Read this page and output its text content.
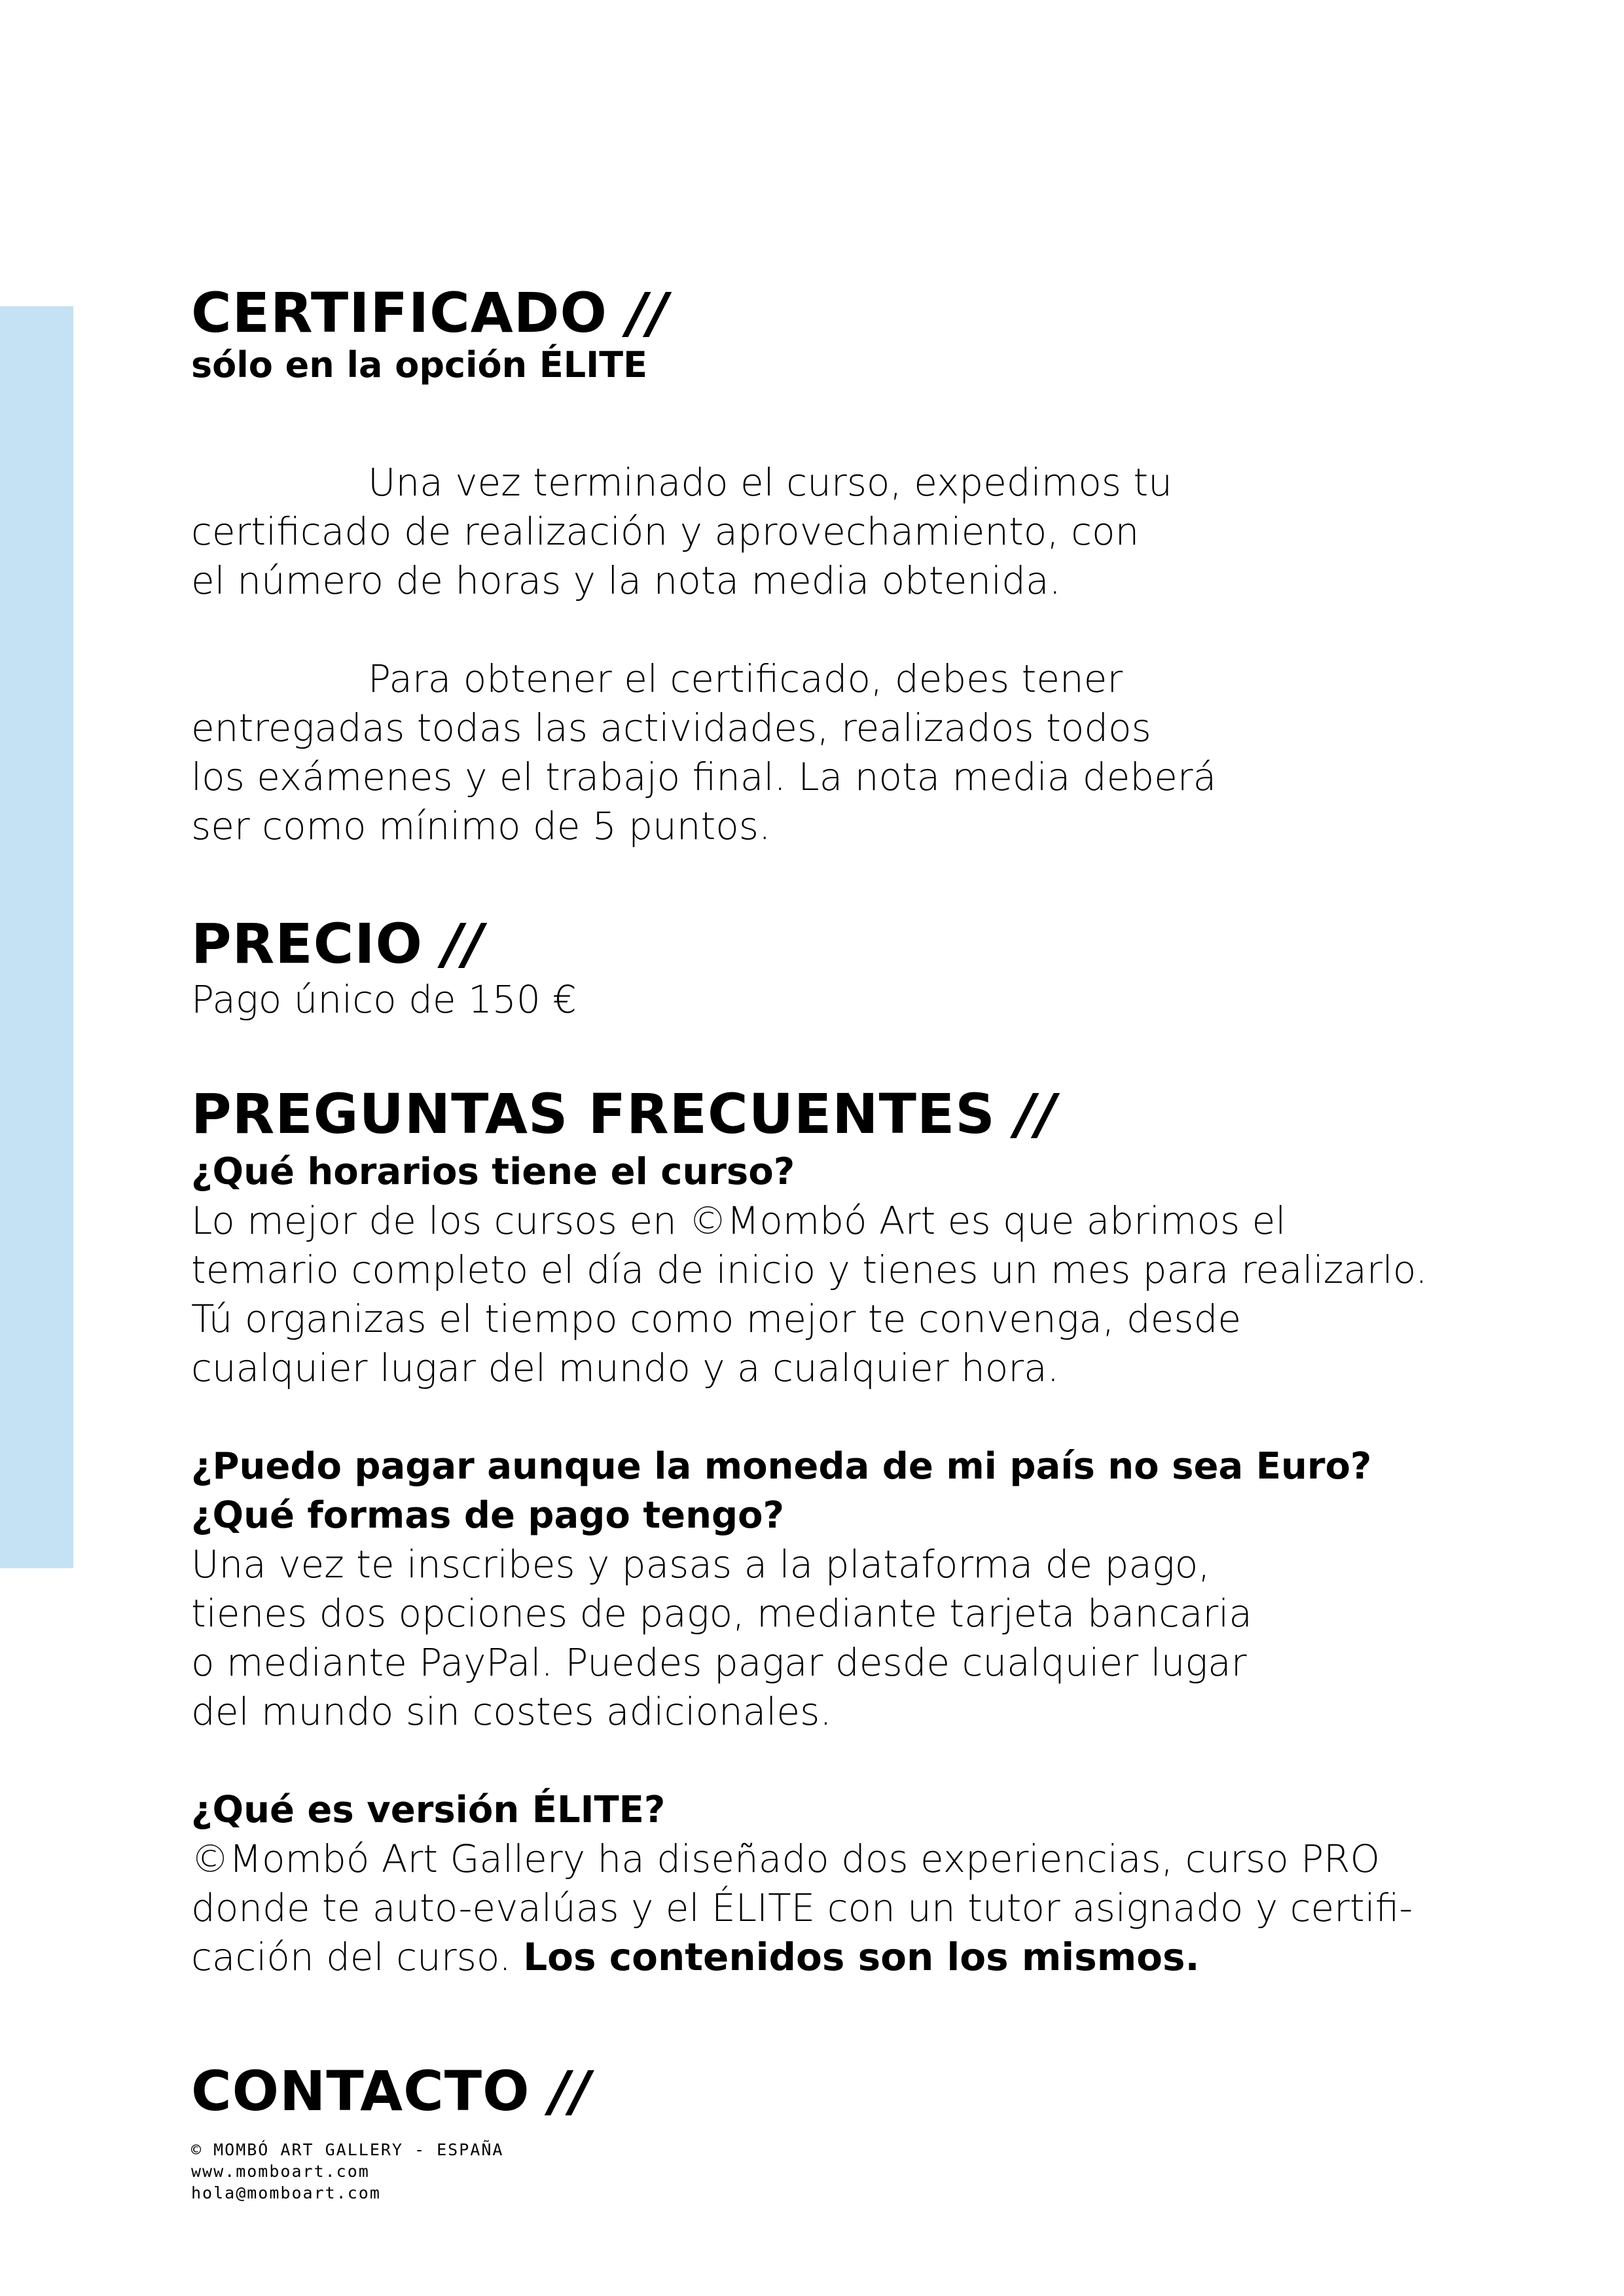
CERTIFICADO //

sólo en la opción ÉLITE

Una vez terminado el curso, expedimos tu
certificado de realización y aprovechamiento, con
el número de horas y la nota media obtenida.
Para obtener el certificado, debes tener
entregadas todas las actividades, realizados todos
los exámenes y el trabajo final. La nota media deberá
ser como mínimo de 5 puntos.
PRECIO //
Pago único de 150 €
PREGUNTAS FRECUENTES //
¿Qué horarios tiene el curso?
Lo mejor de los cursos en ©Mombó Art es que abrimos el
temario completo el día de inicio y tienes un mes para realizarlo.
Tú organizas el tiempo como mejor te convenga, desde
cualquier lugar del mundo y a cualquier hora.
¿Puedo pagar aunque la moneda de mi país no sea Euro?
¿Qué formas de pago tengo?
Una vez te inscribes y pasas a la plataforma de pago,
tienes dos opciones de pago, mediante tarjeta bancaria
o mediante PayPal. Puedes pagar desde cualquier lugar
del mundo sin costes adicionales.
¿Qué es versión ÉLITE?
©Mombó Art Gallery ha diseñado dos experiencias, curso PRO
donde te auto-evalúas y el ÉLITE con un tutor asignado y certifi-
cación del curso. Los contenidos son los mismos.
CONTACTO //
© MOMBÓ ART GALLERY - ESPAÑA
www.momboart.com
hola@momboart.com
